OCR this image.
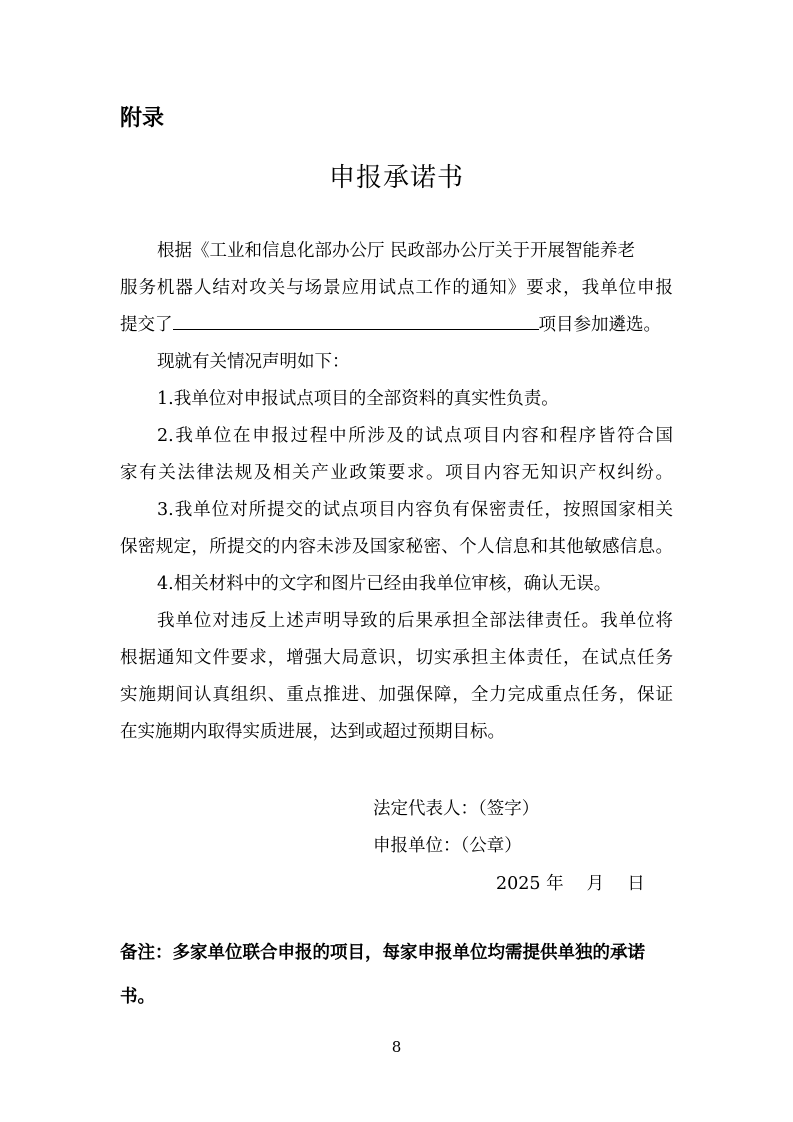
附录
申报承诺书
根据《工业和信息化部办公厅 民政部办公厅关于开展智能养老
服务机器人结对攻关与场景应用试点工作的通知》要求，我单位申报
提交了	项目参加遴选。
现就有关情况声明如下：
1.我单位对申报试点项目的全部资料的真实性负责。
2.我单位在申报过程中所涉及的试点项目内容和程序皆符合国
家有关法律法规及相关产业政策要求。项目内容无知识产权纠纷。
3.我单位对所提交的试点项目内容负有保密责任，按照国家相关
保密规定，所提交的内容未涉及国家秘密、个人信息和其他敏感信息。
4.相关材料中的文字和图片已经由我单位审核，确认无误。
我单位对违反上述声明导致的后果承担全部法律责任。我单位将
根据通知文件要求，增强大局意识，切实承担主体责任，在试点任务
实施期间认真组织、重点推进、加强保障，全力完成重点任务，保证
在实施期内取得实质进展，达到或超过预期目标。
法定代表人：（签字）
申报单位：（公章）
2025 年　 月　 日
备注：多家单位联合申报的项目，每家申报单位均需提供单独的承诺
书。
8
